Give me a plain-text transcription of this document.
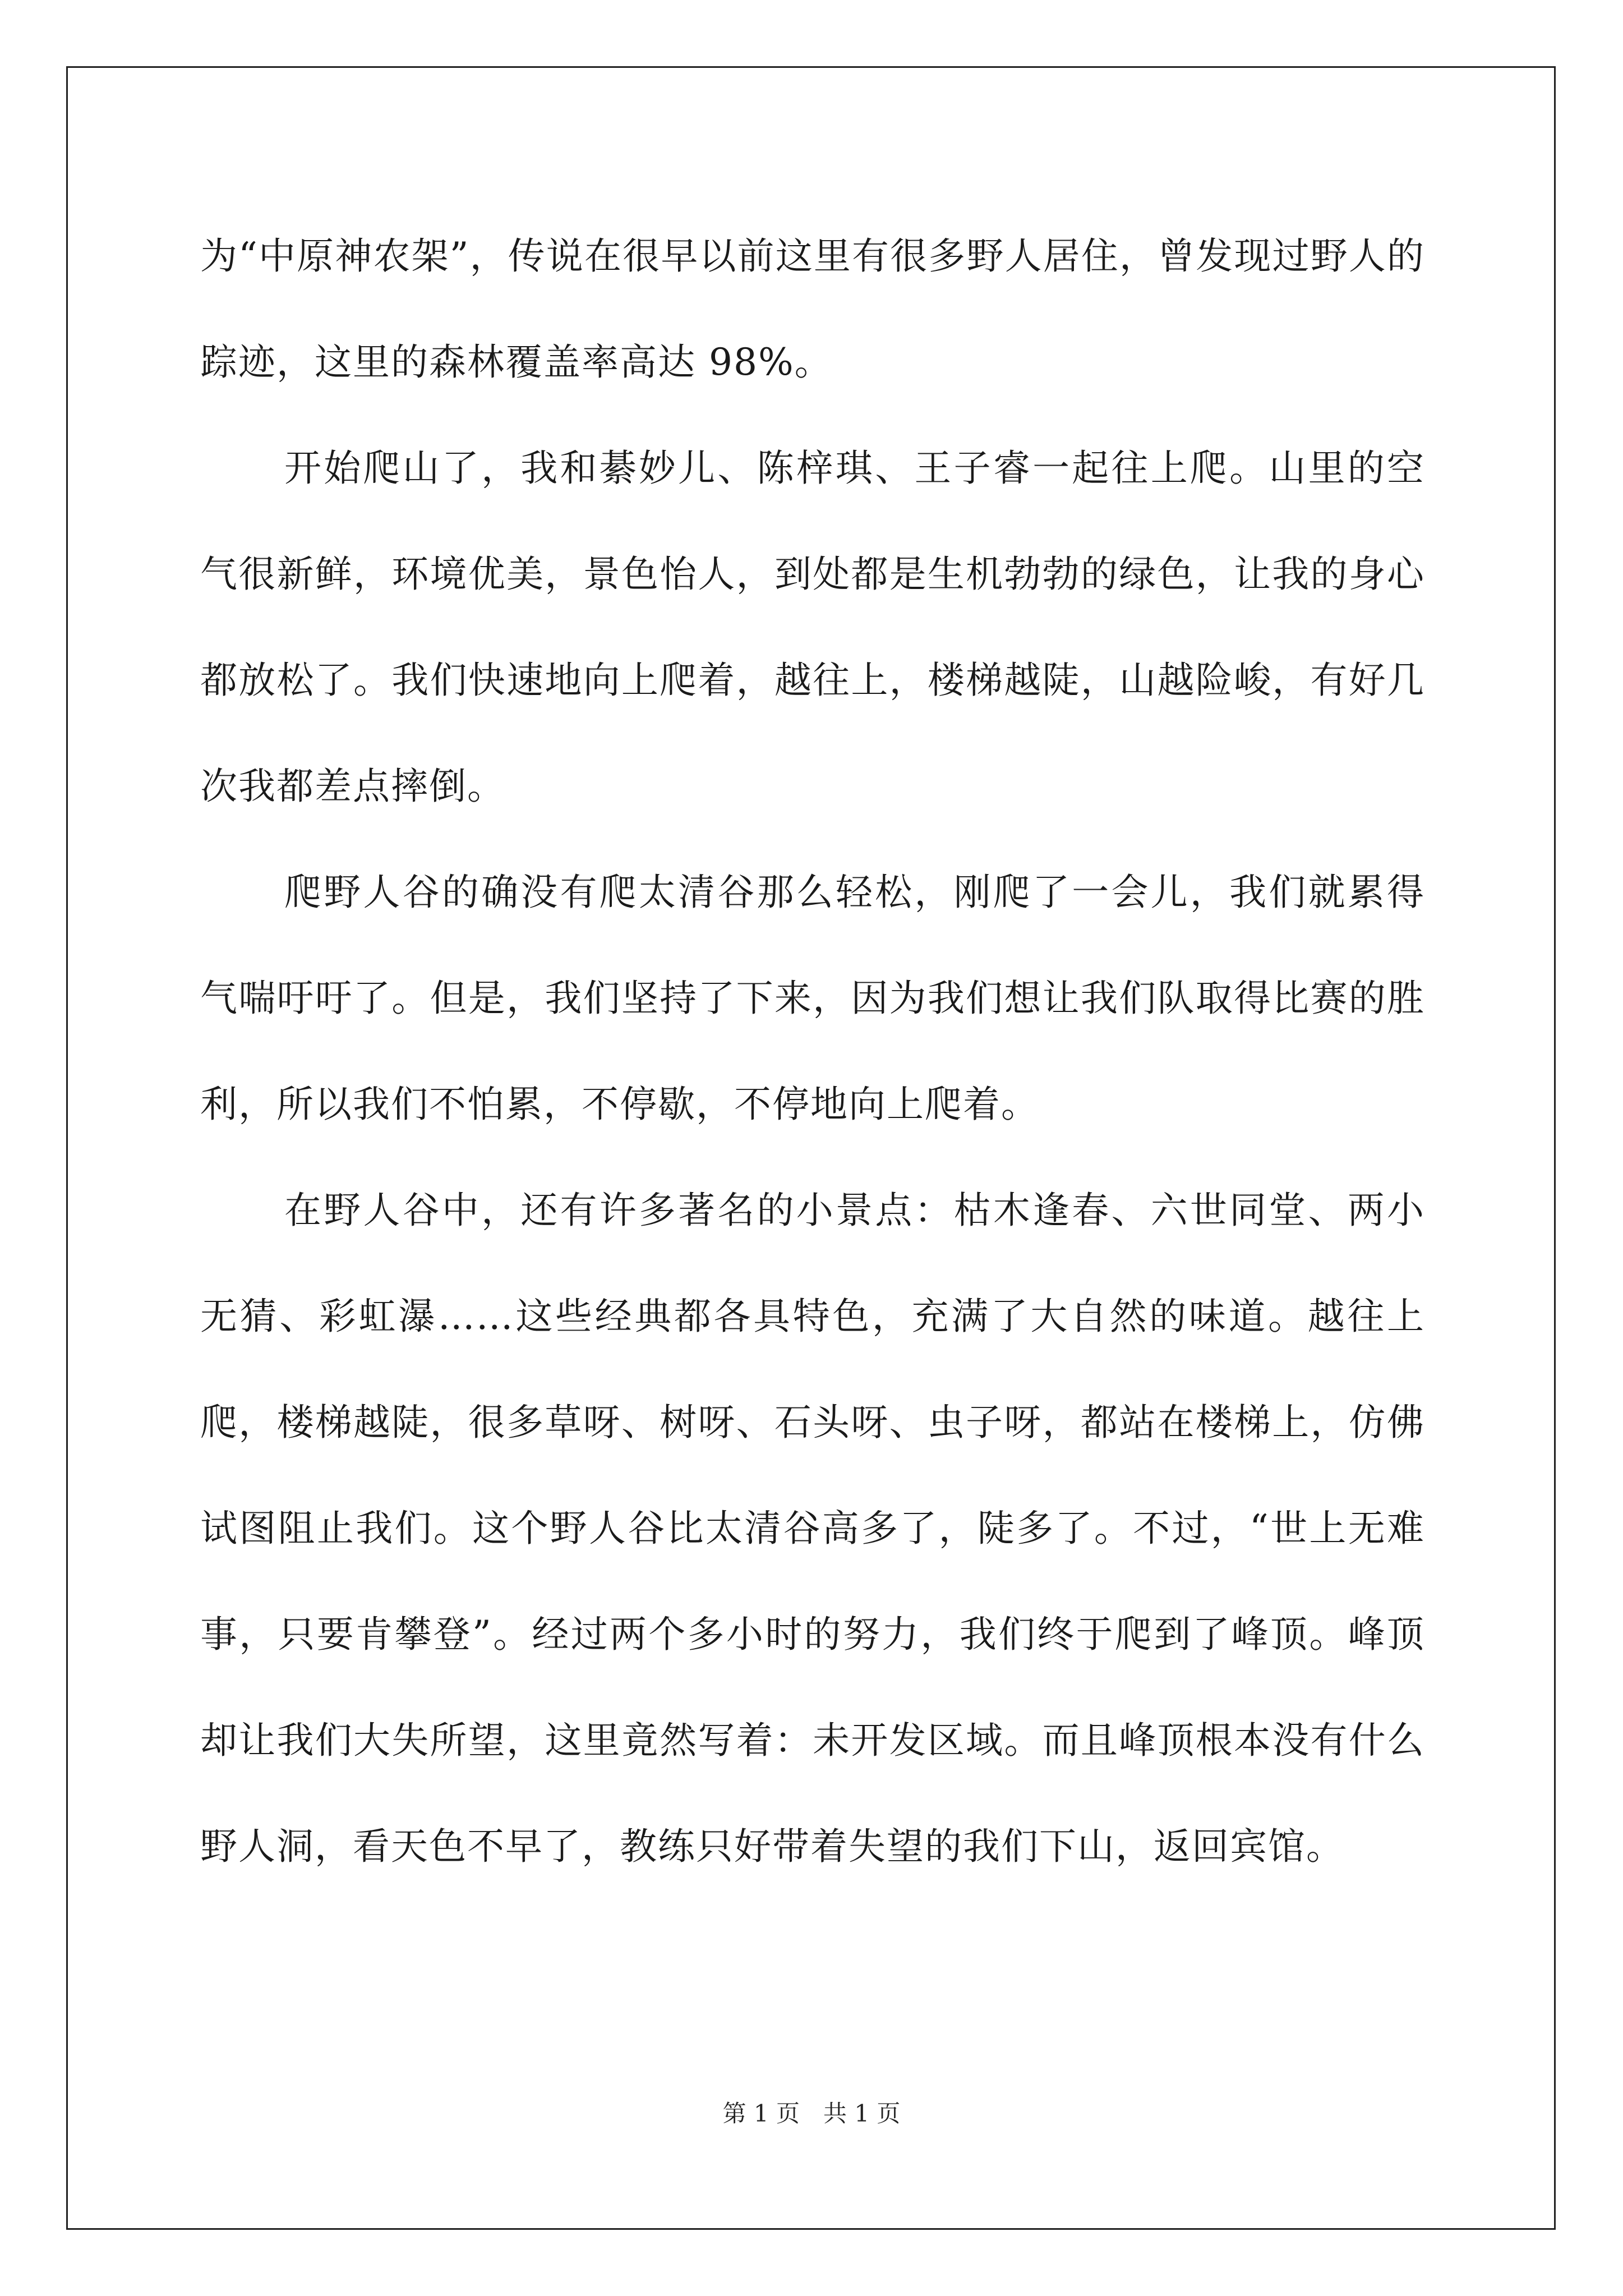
为“中原神农架”，传说在很早以前这里有很多野人居住，曾发现过野人的踪迹，这里的森林覆盖率高达 98%。

开始爬山了，我和綦妙儿、陈梓琪、王子睿一起往上爬。山里的空气很新鲜，环境优美，景色怡人，到处都是生机勃勃的绿色，让我的身心都放松了。我们快速地向上爬着，越往上，楼梯越陡，山越险峻，有好几次我都差点摔倒。

爬野人谷的确没有爬太清谷那么轻松，刚爬了一会儿，我们就累得气喘吁吁了。但是，我们坚持了下来，因为我们想让我们队取得比赛的胜利，所以我们不怕累，不停歇，不停地向上爬着。

在野人谷中，还有许多著名的小景点：枯木逢春、六世同堂、两小无猜、彩虹瀑……这些经典都各具特色，充满了大自然的味道。越往上爬，楼梯越陡，很多草呀、树呀、石头呀、虫子呀，都站在楼梯上，仿佛试图阻止我们。这个野人谷比太清谷高多了，陡多了。不过，“世上无难事，只要肯攀登”。经过两个多小时的努力，我们终于爬到了峰顶。峰顶却让我们大失所望，这里竟然写着：未开发区域。而且峰顶根本没有什么野人洞，看天色不早了，教练只好带着失望的我们下山，返回宾馆。

第 1 页　共 1 页
